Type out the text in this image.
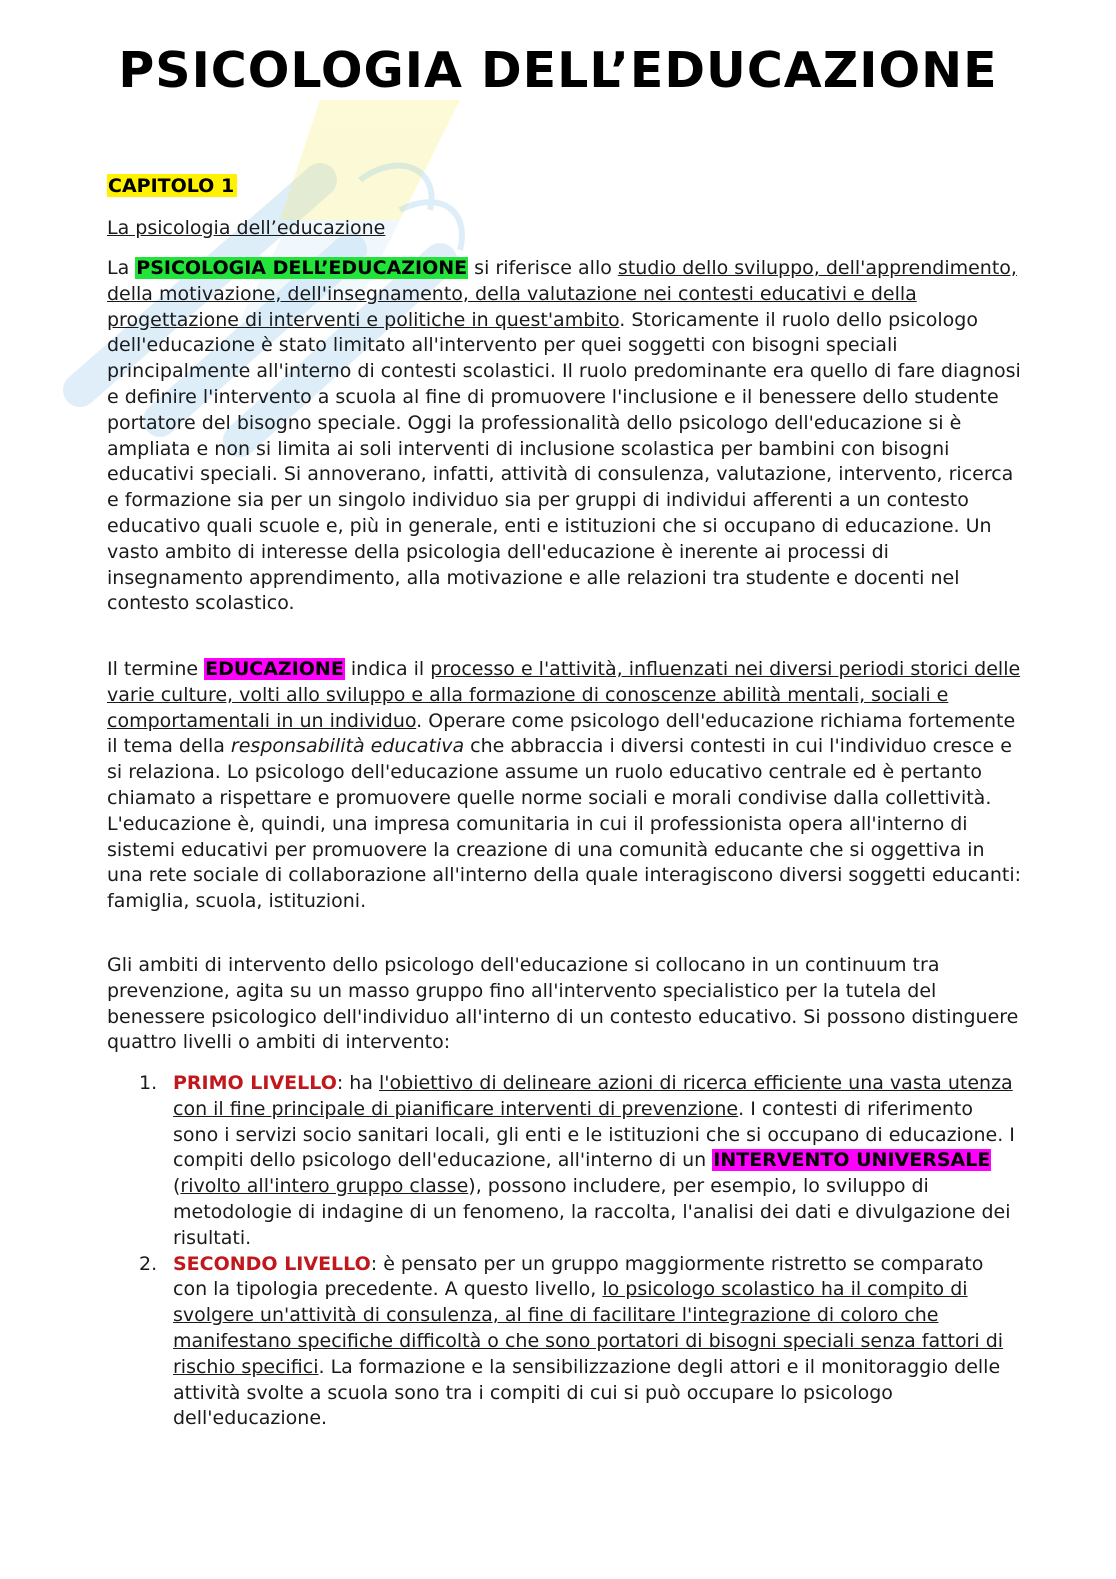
PSICOLOGIA DELL’EDUCAZIONE
CAPITOLO 1
La psicologia dell’educazione

La PSICOLOGIA DELL’EDUCAZIONE si riferisce allo studio dello sviluppo, dell'apprendimento, della motivazione, dell'insegnamento, della valutazione nei contesti educativi e della progettazione di interventi e politiche in quest'ambito. Storicamente il ruolo dello psicologo dell'educazione è stato limitato all'intervento per quei soggetti con bisogni speciali principalmente all'interno di contesti scolastici. Il ruolo predominante era quello di fare diagnosi e definire l'intervento a scuola al fine di promuovere l'inclusione e il benessere dello studente portatore del bisogno speciale. Oggi la professionalità dello psicologo dell'educazione si è ampliata e non si limita ai soli interventi di inclusione scolastica per bambini con bisogni educativi speciali. Si annoverano, infatti, attività di consulenza, valutazione, intervento, ricerca e formazione sia per un singolo individuo sia per gruppi di individui afferenti a un contesto educativo quali scuole e, più in generale, enti e istituzioni che si occupano di educazione. Un vasto ambito di interesse della psicologia dell'educazione è inerente ai processi di insegnamento apprendimento, alla motivazione e alle relazioni tra studente e docenti nel contesto scolastico.

Il termine EDUCAZIONE indica il processo e l'attività, influenzati nei diversi periodi storici delle varie culture, volti allo sviluppo e alla formazione di conoscenze abilità mentali, sociali e comportamentali in un individuo. Operare come psicologo dell'educazione richiama fortemente il tema della responsabilità educativa che abbraccia i diversi contesti in cui l'individuo cresce e si relaziona. Lo psicologo dell'educazione assume un ruolo educativo centrale ed è pertanto chiamato a rispettare e promuovere quelle norme sociali e morali condivise dalla collettività. L'educazione è, quindi, una impresa comunitaria in cui il professionista opera all'interno di sistemi educativi per promuovere la creazione di una comunità educante che si oggettiva in una rete sociale di collaborazione all'interno della quale interagiscono diversi soggetti educanti: famiglia, scuola, istituzioni.

Gli ambiti di intervento dello psicologo dell'educazione si collocano in un continuum tra prevenzione, agita su un masso gruppo fino all'intervento specialistico per la tutela del benessere psicologico dell'individuo all'interno di un contesto educativo. Si possono distinguere quattro livelli o ambiti di intervento:

1. PRIMO LIVELLO: ha l'obiettivo di delineare azioni di ricerca efficiente una vasta utenza con il fine principale di pianificare interventi di prevenzione. I contesti di riferimento sono i servizi socio sanitari locali, gli enti e le istituzioni che si occupano di educazione. I compiti dello psicologo dell'educazione, all'interno di un INTERVENTO UNIVERSALE (rivolto all'intero gruppo classe), possono includere, per esempio, lo sviluppo di metodologie di indagine di un fenomeno, la raccolta, l'analisi dei dati e divulgazione dei risultati.
2. SECONDO LIVELLO: è pensato per un gruppo maggiormente ristretto se comparato con la tipologia precedente. A questo livello, lo psicologo scolastico ha il compito di svolgere un'attività di consulenza, al fine di facilitare l'integrazione di coloro che manifestano specifiche difficoltà o che sono portatori di bisogni speciali senza fattori di rischio specifici. La formazione e la sensibilizzazione degli attori e il monitoraggio delle attività svolte a scuola sono tra i compiti di cui si può occupare lo psicologo dell'educazione.
